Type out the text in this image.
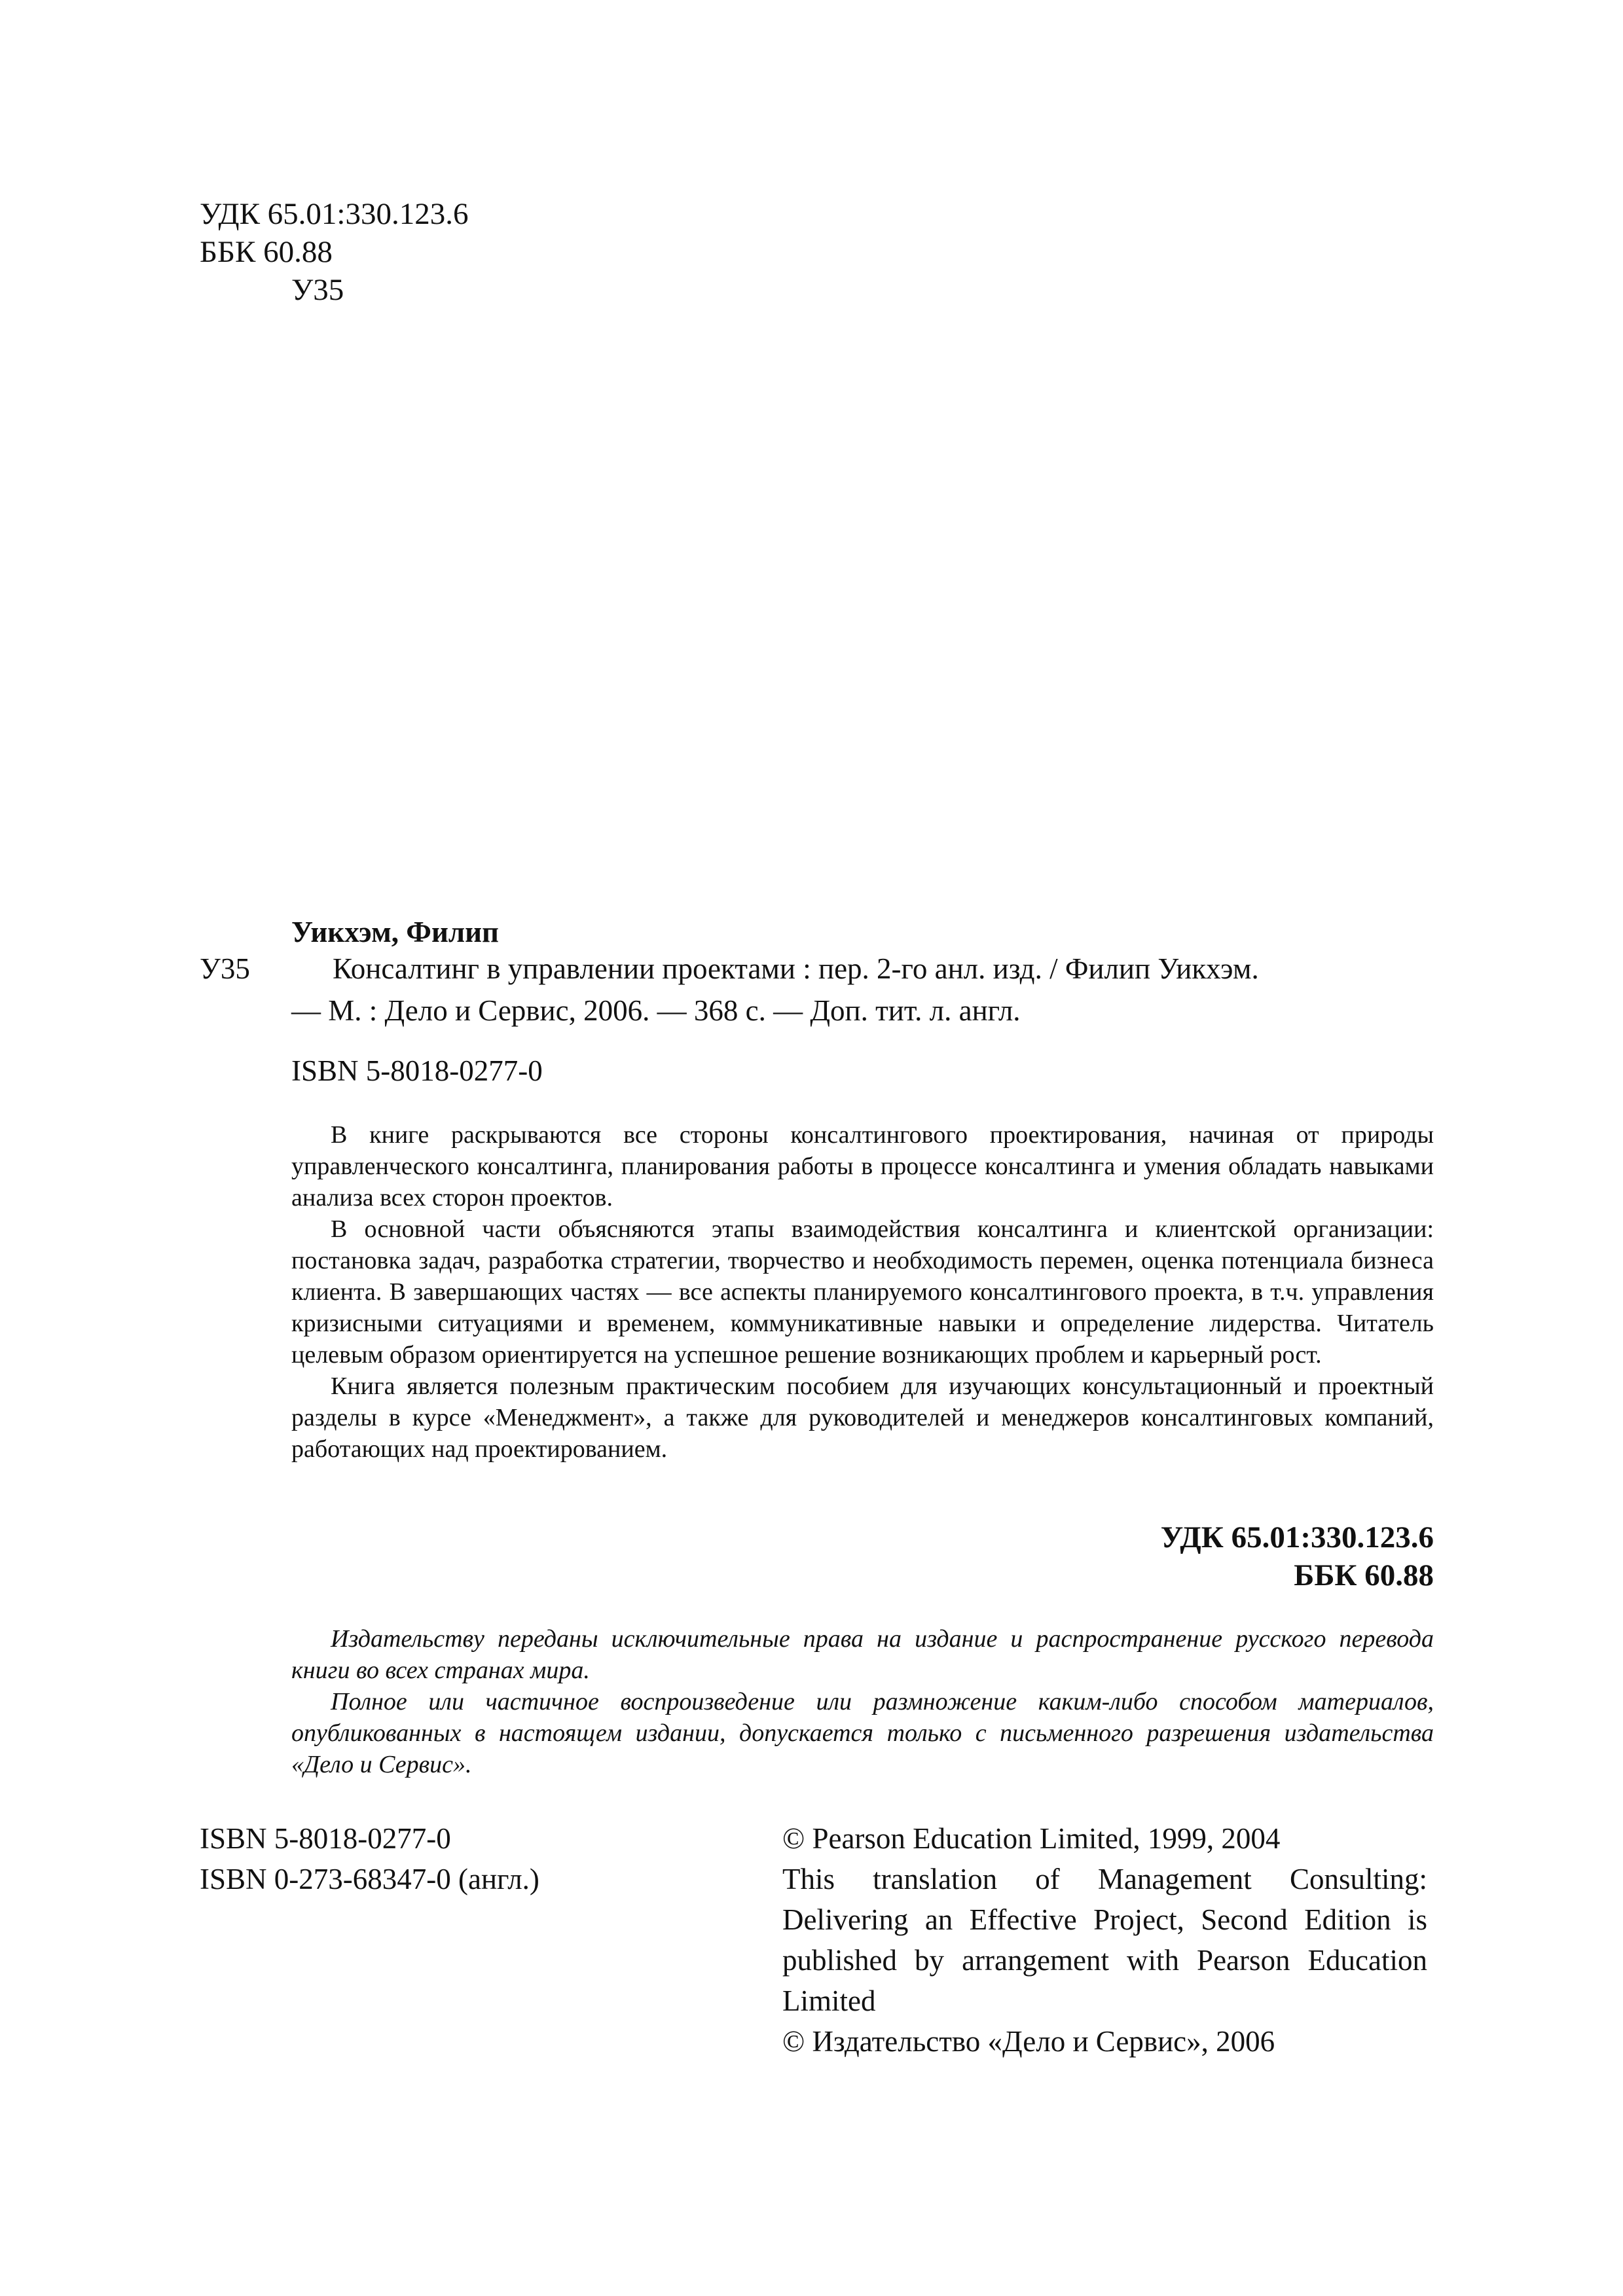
УДК 65.01:330.123.6
ББК 60.88
У35
Уикхэм, Филип
У35	Консалтинг в управлении проектами : пер. 2-го анл. изд. / Филип Уикхэм.
— М. : Дело и Сервис, 2006. — 368 с. — Доп. тит. л. англ.
ISBN 5-8018-0277-0

В книге раскрываются все стороны консалтингового проектирования, начиная от природы управленческого консалтинга, планирования работы в процессе консалтинга и умения обладать навыками анализа всех сторон проектов.

В основной части объясняются этапы взаимодействия консалтинга и клиентской организации: постановка задач, разработка стратегии, творчество и необходимость перемен, оценка потенциала бизнеса клиента. В завершающих частях — все аспекты планируемого консалтингового проекта, в т.ч. управления кризисными ситуациями и временем, коммуникативные навыки и определение лидерства. Читатель целевым образом ориентируется на успешное решение возникающих проблем и карьерный рост.

Книга является полезным практическим пособием для изучающих консультационный и проектный разделы в курсе «Менеджмент», а также для руководителей и менеджеров консалтинговых компаний, работающих над проектированием.

УДК 65.01:330.123.6
ББК 60.88

Издательству переданы исключительные права на издание и распространение русского перевода книги во всех странах мира.

Полное или частичное воспроизведение или размножение каким-либо способом материалов, опубликованных в настоящем издании, допускается только с письменного разрешения издательства «Дело и Сервис».

ISBN 5-8018-0277-0
ISBN 0-273-68347-0 (англ.)
© Pearson Education Limited, 1999, 2004
This translation of Management Consulting: Delivering an Effective Project, Second Edition is published by arrangement with Pearson Education Limited
© Издательство «Дело и Сервис», 2006
